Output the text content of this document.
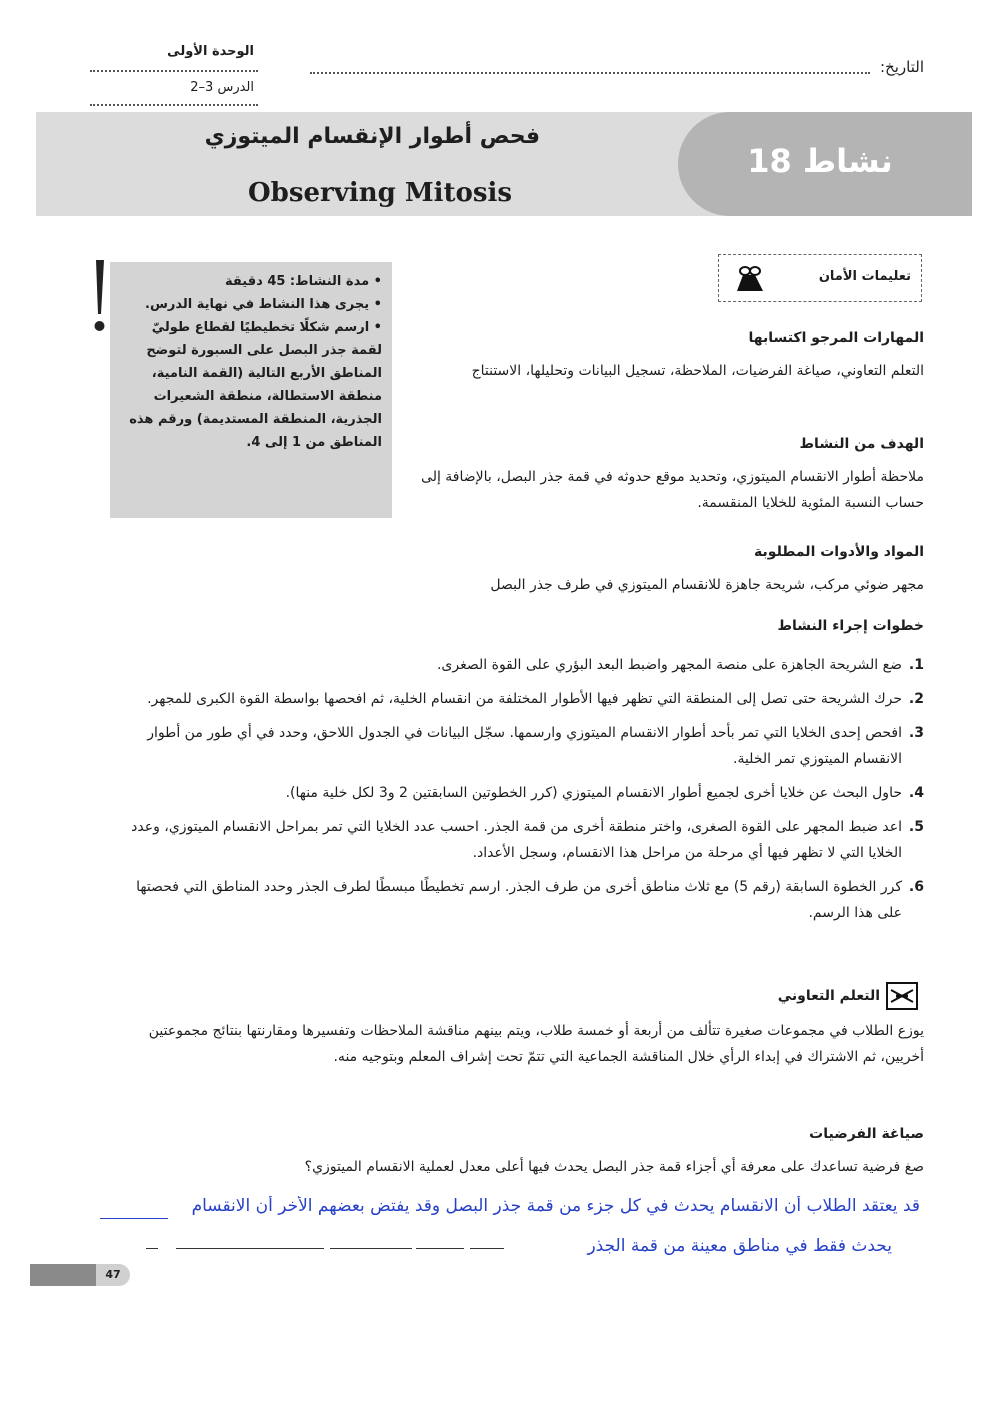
التاريخ:
الوحدة الأولى
الدرس 3–2
نشاط 18
فحص أطوار الإنقسام الميتوزي
Observing Mitosis
تعليمات الأمان
• مدة النشاط: 45 دقيقة
• يجرى هذا النشاط في نهاية الدرس.
• ارسم شكلًا تخطيطيًا لقطاع طوليّ لقمة جذر البصل على السبورة لتوضح المناطق الأربع التالية (القمة النامية، منطقة الاستطالة، منطقة الشعيرات الجذرية، المنطقة المستديمة) ورقم هذه المناطق من 1 إلى 4.
المهارات المرجو اكتسابها
التعلم التعاوني، صياغة الفرضيات، الملاحظة، تسجيل البيانات وتحليلها، الاستنتاج
الهدف من النشاط
ملاحظة أطوار الانقسام الميتوزي، وتحديد موقع حدوثه في قمة جذر البصل، بالإضافة إلى حساب النسبة المئوية للخلايا المنقسمة.
المواد والأدوات المطلوبة
مجهر ضوئي مركب، شريحة جاهزة للانقسام الميتوزي في طرف جذر البصل
خطوات إجراء النشاط
1.
ضع الشريحة الجاهزة على منصة المجهر واضبط البعد البؤري على القوة الصغرى.
2.
حرك الشريحة حتى تصل إلى المنطقة التي تظهر فيها الأطوار المختلفة من انقسام الخلية، ثم افحصها بواسطة القوة الكبرى للمجهر.
3.
افحص إحدى الخلايا التي تمر بأحد أطوار الانقسام الميتوزي وارسمها. سجّل البيانات في الجدول اللاحق، وحدد في أي طور من أطوار الانقسام الميتوزي تمر الخلية.
4.
حاول البحث عن خلايا أخرى لجميع أطوار الانقسام الميتوزي (كرر الخطوتين السابقتين 2 و3 لكل خلية منها).
5.
اعد ضبط المجهر على القوة الصغرى، واختر منطقة أخرى من قمة الجذر. احسب عدد الخلايا التي تمر بمراحل الانقسام الميتوزي، وعدد الخلايا التي لا تظهر فيها أي مرحلة من مراحل هذا الانقسام، وسجل الأعداد.
6.
كرر الخطوة السابقة (رقم 5) مع ثلاث مناطق أخرى من طرف الجذر. ارسم تخطيطًا مبسطًا لطرف الجذر وحدد المناطق التي فحصتها على هذا الرسم.
التعلم التعاوني
يوزع الطلاب في مجموعات صغيرة تتألف من أربعة أو خمسة طلاب، ويتم بينهم مناقشة الملاحظات وتفسيرها ومقارنتها بنتائج مجموعتين أخريين، ثم الاشتراك في إبداء الرأي خلال المناقشة الجماعية التي تتمّ تحت إشراف المعلم وبتوجيه منه.
صياغة الفرضيات
صغ فرضية تساعدك على معرفة أي أجزاء قمة جذر البصل يحدث فيها أعلى معدل لعملية الانقسام الميتوزي؟
قد يعتقد الطلاب أن الانقسام يحدث في كل جزء من قمة جذر البصل وقد يفتض بعضهم الأخر أن الانقسام
يحدث فقط في مناطق معينة من قمة الجذر
47
